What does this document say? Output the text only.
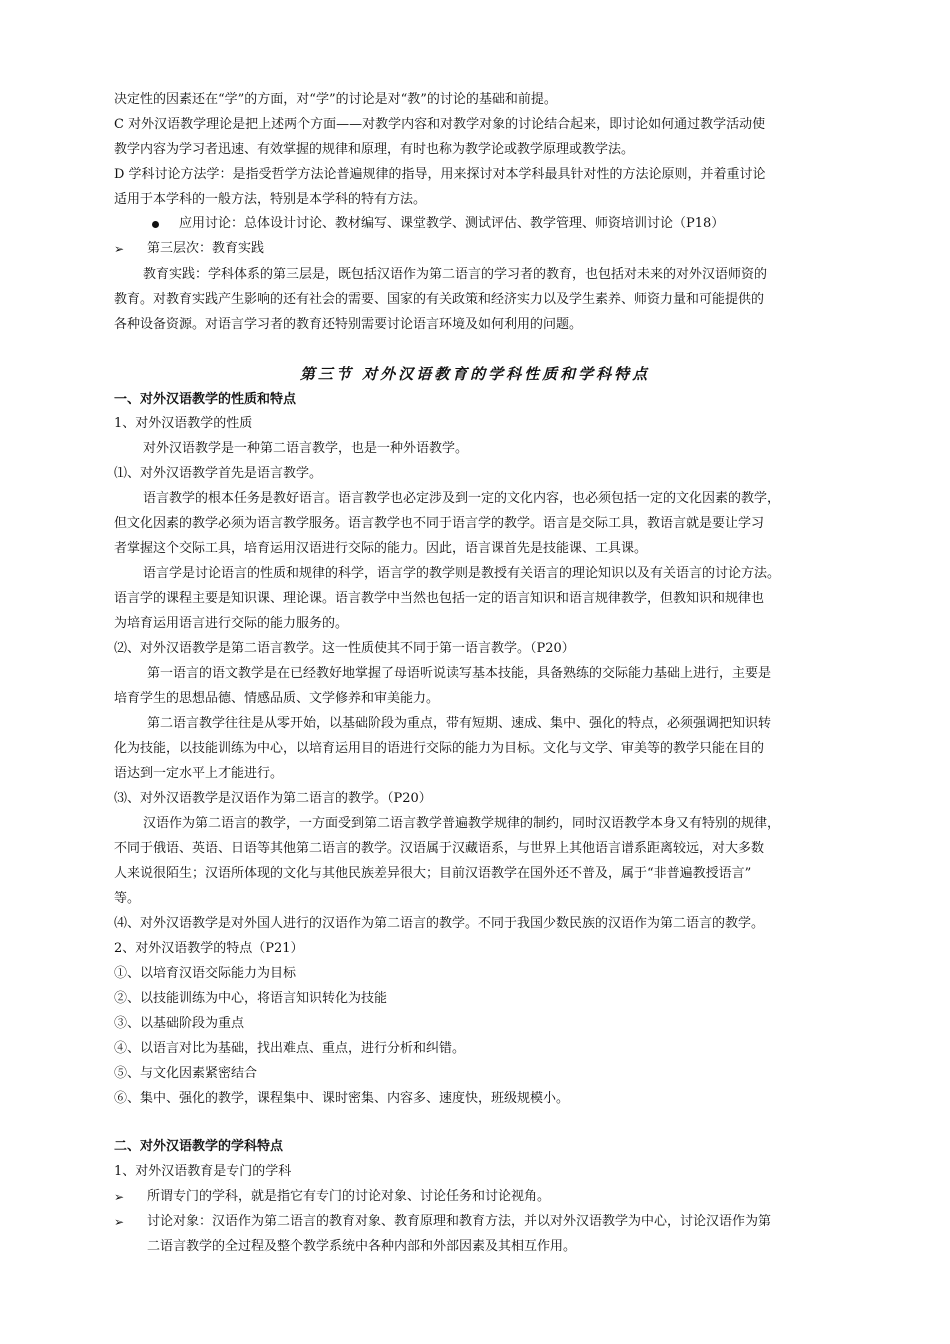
决定性的因素还在“学”的方面，对“学”的讨论是对“教”的讨论的基础和前提。
C 对外汉语教学理论是把上述两个方面——对教学内容和对教学对象的讨论结合起来，即讨论如何通过教学活动使
教学内容为学习者迅速、有效掌握的规律和原理，有时也称为教学论或教学原理或教学法。
D 学科讨论方法学：是指受哲学方法论普遍规律的指导，用来探讨对本学科最具针对性的方法论原则，并着重讨论
适用于本学科的一般方法，特别是本学科的特有方法。
应用讨论：总体设计讨论、教材编写、课堂教学、测试评估、教学管理、师资培训讨论（P18）
➢ 第三层次：教育实践
教育实践：学科体系的第三层是，既包括汉语作为第二语言的学习者的教育，也包括对未来的对外汉语师资的
教育。对教育实践产生影响的还有社会的需要、国家的有关政策和经济实力以及学生素养、师资力量和可能提供的
各种设备资源。对语言学习者的教育还特别需要讨论语言环境及如何利用的问题。
第三节 对外汉语教育的学科性质和学科特点
一、对外汉语教学的性质和特点
1、对外汉语教学的性质
对外汉语教学是一种第二语言教学，也是一种外语教学。
⑴、对外汉语教学首先是语言教学。
语言教学的根本任务是教好语言。语言教学也必定涉及到一定的文化内容，也必须包括一定的文化因素的教学，
但文化因素的教学必须为语言教学服务。语言教学也不同于语言学的教学。语言是交际工具，教语言就是要让学习
者掌握这个交际工具，培育运用汉语进行交际的能力。因此，语言课首先是技能课、工具课。
语言学是讨论语言的性质和规律的科学，语言学的教学则是教授有关语言的理论知识以及有关语言的讨论方法。
语言学的课程主要是知识课、理论课。语言教学中当然也包括一定的语言知识和语言规律教学，但教知识和规律也
为培育运用语言进行交际的能力服务的。
⑵、对外汉语教学是第二语言教学。这一性质使其不同于第一语言教学。（P20）
第一语言的语文教学是在已经教好地掌握了母语听说读写基本技能，具备熟练的交际能力基础上进行，主要是
培育学生的思想品德、情感品质、文学修养和审美能力。
第二语言教学往往是从零开始，以基础阶段为重点，带有短期、速成、集中、强化的特点，必须强调把知识转
化为技能，以技能训练为中心，以培育运用目的语进行交际的能力为目标。文化与文学、审美等的教学只能在目的
语达到一定水平上才能进行。
⑶、对外汉语教学是汉语作为第二语言的教学。（P20）
汉语作为第二语言的教学，一方面受到第二语言教学普遍教学规律的制约，同时汉语教学本身又有特别的规律，
不同于俄语、英语、日语等其他第二语言的教学。汉语属于汉藏语系，与世界上其他语言谱系距离较远，对大多数
人来说很陌生；汉语所体现的文化与其他民族差异很大；目前汉语教学在国外还不普及，属于“非普遍教授语言”
等。
⑷、对外汉语教学是对外国人进行的汉语作为第二语言的教学。不同于我国少数民族的汉语作为第二语言的教学。
2、对外汉语教学的特点（P21）
①、以培育汉语交际能力为目标
②、以技能训练为中心，将语言知识转化为技能
③、以基础阶段为重点
④、以语言对比为基础，找出难点、重点，进行分析和纠错。
⑤、与文化因素紧密结合
⑥、集中、强化的教学，课程集中、课时密集、内容多、速度快，班级规模小。
二、对外汉语教学的学科特点
1、对外汉语教育是专门的学科
➢ 所谓专门的学科，就是指它有专门的讨论对象、讨论任务和讨论视角。
➢ 讨论对象：汉语作为第二语言的教育对象、教育原理和教育方法，并以对外汉语教学为中心，讨论汉语作为第
二语言教学的全过程及整个教学系统中各种内部和外部因素及其相互作用。
